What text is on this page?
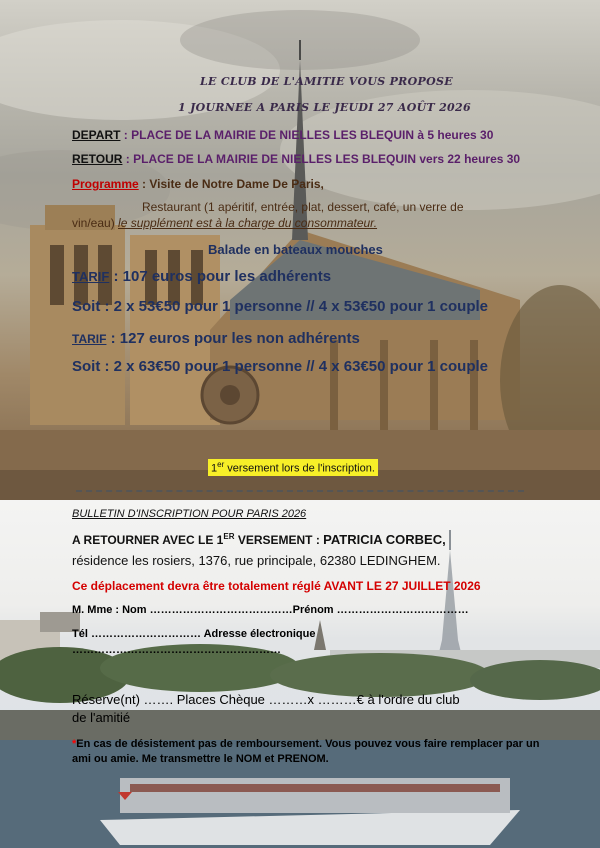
LE CLUB DE L'AMITIE VOUS PROPOSE

1 JOURNEE A PARIS LE JEUDI 27 AOÛT 2026

DEPART : PLACE DE LA MAIRIE DE NIELLES LES BLEQUIN à 5 heures 30

RETOUR : PLACE DE LA MAIRIE DE NIELLES LES BLEQUIN vers 22 heures 30

Programme : Visite de Notre Dame De Paris,

Restaurant (1 apéritif, entrée, plat, dessert, café, un verre de

vin/eau) le supplément est à la charge du consommateur.

Balade en bateaux mouches

TARIF : 107 euros pour les adhérents

Soit : 2 x 53€50 pour 1 personne // 4 x 53€50 pour 1 couple

TARIF : 127 euros pour les non adhérents

Soit : 2 x 63€50 pour 1 personne // 4 x 63€50 pour 1 couple

1er versement lors de l'inscription.

BULLETIN D'INSCRIPTION POUR PARIS 2026

A RETOURNER AVEC LE 1ER VERSEMENT : PATRICIA CORBEC,

résidence les rosiers, 1376, rue principale, 62380 LEDINGHEM.

Ce déplacement devra être totalement réglé AVANT LE 27 JUILLET 2026

M. Mme : Nom …………………………………Prénom ………………………………

Tél ………………………… Adresse électronique

…………………………………………………

Réserve(nt) ……. Places Chèque ………x ………€ à l'ordre du club

de l'amitié

*En cas de désistement pas de remboursement. Vous pouvez vous faire remplacer par un ami ou amie. Me transmettre le NOM et PRENOM.
